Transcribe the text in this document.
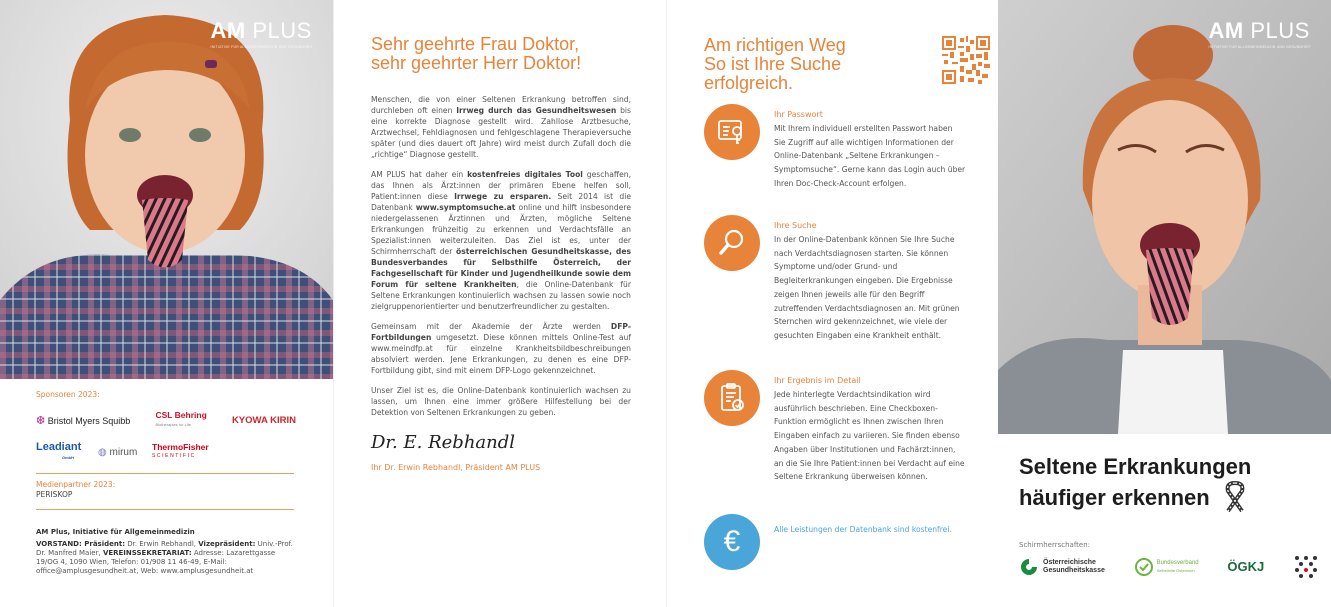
AM PLUS
INITIATIVE FÜR ALLGEMEINMEDIZIN UND GESUNDHEIT
Sponsoren 2023:
❆ Bristol Myers Squibb
CSL Behring
Biotherapies for Life	KYOWA KIRIN
Leadiant
GmbH	◍ mirum	ThermoFisher
SCIENTIFIC
Medienpartner 2023:
PERISKOP
AM Plus, Initiative für Allgemeinmedizin
VORSTAND: Präsident: Dr. Erwin Rebhandl, Vizepräsident: Univ.-Prof. Dr. Manfred Maier, VEREINSSEKRETARIAT: Adresse: Lazarettgasse 19/OG 4, 1090 Wien, Telefon: 01/908 11 46-49, E-Mail: office@amplusgesundheit.at, Web: www.amplusgesundheit.at
Sehr geehrte Frau Doktor,
sehr geehrter Herr Doktor!

Menschen, die von einer Seltenen Erkrankung betroffen sind, durchleben oft einen Irrweg durch das Gesundheitswesen bis eine korrekte Diagnose gestellt wird. Zahllose Arztbesuche, Arztwechsel, Fehldiagnosen und fehlgeschlagene Therapieversuche später (und dies dauert oft Jahre) wird meist durch Zufall doch die „richtige“ Diagnose gestellt.

AM PLUS hat daher ein kostenfreies digitales Tool geschaffen, das Ihnen als Ärzt:innen der primären Ebene helfen soll, Patient:innen diese Irrwege zu ersparen. Seit 2014 ist die Datenbank www.symptomsuche.at online und hilft insbesondere niedergelassenen Ärztinnen und Ärzten, mögliche Seltene Erkrankungen frühzeitig zu erkennen und Verdachtsfälle an Spezialist:innen weiterzuleiten. Das Ziel ist es, unter der Schirmherrschaft der österreichischen Gesundheitskasse, des Bundesverbandes für Selbsthilfe Österreich, der Fachgesellschaft für Kinder und Jugendheilkunde sowie dem Forum für seltene Krankheiten, die Online-Datenbank für Seltene Erkrankungen kontinuierlich wachsen zu lassen sowie noch zielgruppenorientierter und benutzerfreundlicher zu gestalten.

Gemeinsam mit der Akademie der Ärzte werden DFP-Fortbildungen umgesetzt. Diese können mittels Online-Test auf www.meindfp.at für einzelne Krankheitsbildbeschreibungen absolviert werden. Jene Erkrankungen, zu denen es eine DFP-Fortbildung gibt, sind mit einem DFP-Logo gekennzeichnet.

Unser Ziel ist es, die Online-Datenbank kontinuierlich wachsen zu lassen, um Ihnen eine immer größere Hilfestellung bei der Detektion von Seltenen Erkrankungen zu geben.

Dr. E. Rebhandl
Ihr Dr. Erwin Rebhandl, Präsident AM PLUS
Am richtigen Weg
So ist Ihre Suche erfolgreich.
Ihr Passwort
Mit Ihrem individuell erstellten Passwort haben Sie Zugriff auf alle wichtigen Informationen der Online-Datenbank „Seltene Erkrankungen – Symptomsuche“. Gerne kann das Login auch über Ihren Doc-Check-Account erfolgen.
Ihre Suche
In der Online-Datenbank können Sie Ihre Suche nach Verdachtsdiagnosen starten. Sie können Symptome und/oder Grund- und Begleiterkrankungen eingeben. Die Ergebnisse zeigen Ihnen jeweils alle für den Begriff zutreffenden Verdachtsdiagnosen an. Mit grünen Sternchen wird gekennzeichnet, wie viele der gesuchten Eingaben eine Krankheit enthält.
Ihr Ergebnis im Detail
Jede hinterlegte Verdachtsindikation wird ausführlich beschrieben. Eine Checkboxen-Funktion ermöglicht es Ihnen zwischen Ihren Eingaben einfach zu variieren. Sie finden ebenso Angaben über Institutionen und Fachärzt:innen, an die Sie Ihre Patient:innen bei Verdacht auf eine Seltene Erkrankung überweisen können.
€	Alle Leistungen der Datenbank sind kostenfrei.
AM PLUS
INITIATIVE FÜR ALLGEMEINMEDIZIN UND GESUNDHEIT
Seltene Erkrankungen
häufiger erkennen
Schirmherrschaften:
Österreichische
Gesundheitskasse
Bundesverband
Selbsthilfe Österreich	ÖGKJ
